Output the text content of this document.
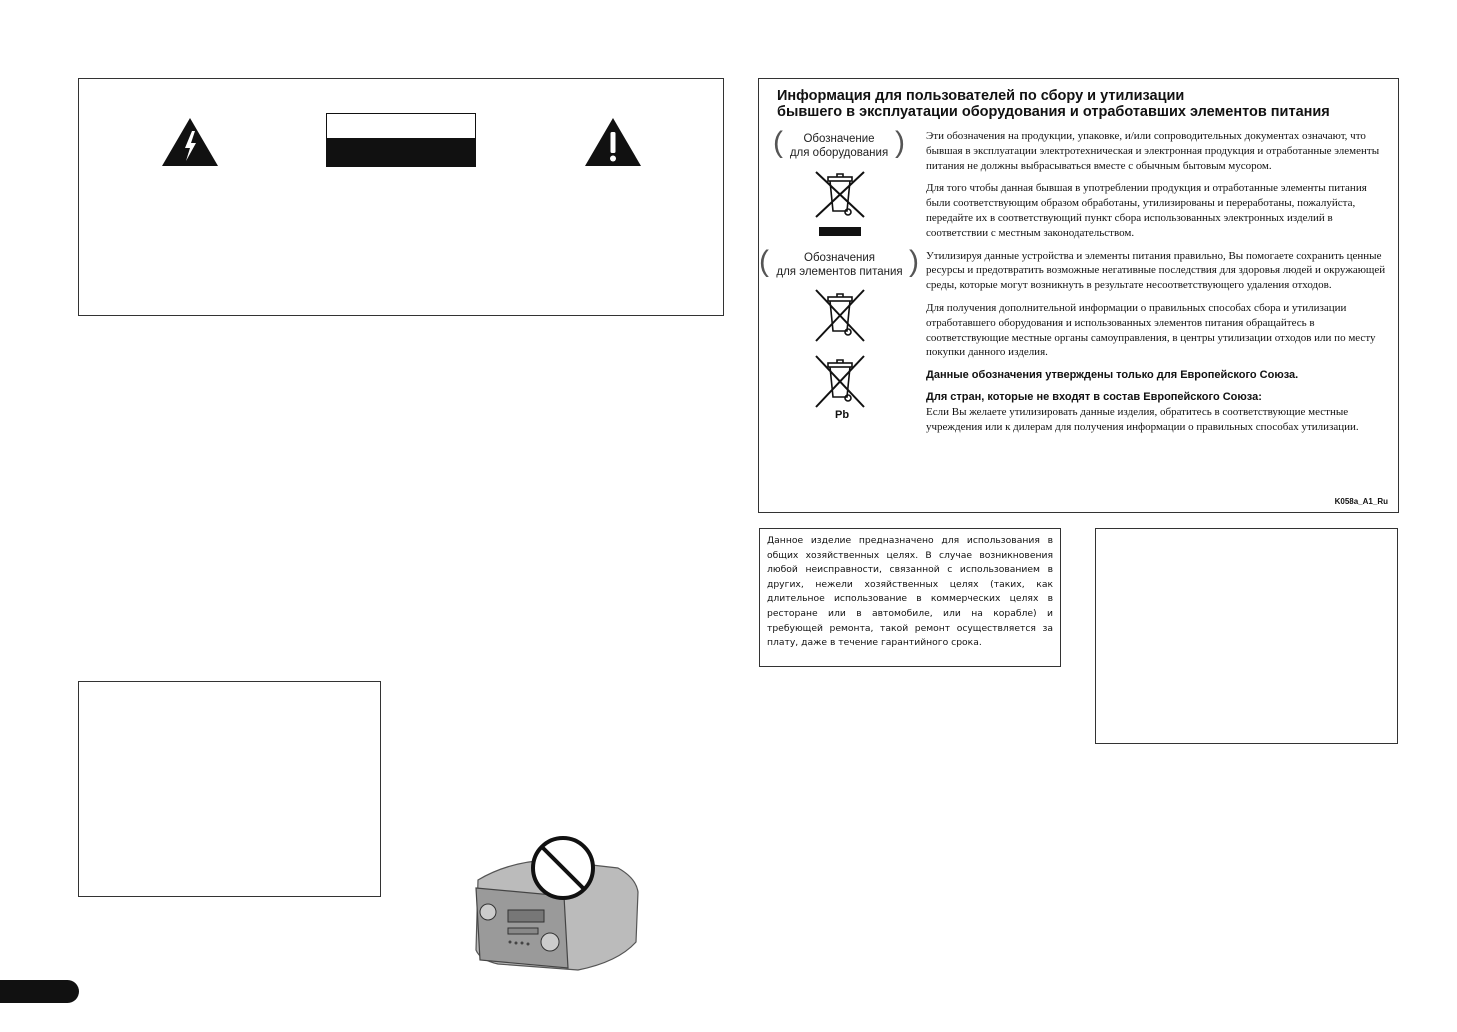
Информация для пользователей по сбору и утилизации
бывшего в эксплуатации оборудования и отработавших элементов питания
(	Обозначение
для оборудования )
(	Обозначения
для элементов питания )
Pb

Эти обозначения на продукции, упаковке, и/или сопроводительных документах означают, что бывшая в эксплуатации электротехническая и электронная продукция и отработанные элементы питания не должны выбрасываться вместе с обычным бытовым мусором.

Для того чтобы данная бывшая в употреблении продукция и отработанные элементы питания были соответствующим образом обработаны, утилизированы и переработаны, пожалуйста, передайте их в соответствующий пункт сбора использованных электронных изделий в соответствии с местным законодательством.

Утилизируя данные устройства и элементы питания правильно, Вы помогаете сохранить ценные ресурсы и предотвратить возможные негативные последствия для здоровья людей и окружающей среды, которые могут возникнуть в результате несоответствующего удаления отходов.

Для получения дополнительной информации о правильных способах сбора и утилизации отработавшего оборудования и использованных элементов питания обращайтесь в соответствующие местные органы самоуправления, в центры утилизации отходов или по месту покупки данного изделия.

Данные обозначения утверждены только для Европейского Союза.

Для стран, которые не входят в состав Европейского Союза:

Если Вы желаете утилизировать данные изделия, обратитесь в соответствующие местные учреждения или к дилерам для получения информации о правильных способах утилизации.

K058a_A1_Ru
Данное изделие предназначено для использования в общих хозяйственных целях. В случае возникновения любой неисправности, связанной с использованием в других, нежели хозяйственных целях (таких, как длительное использование в коммерческих целях в ресторане или в автомобиле, или на корабле) и требующей ремонта, такой ремонт осуществляется за плату, даже в течение гарантийного срока.
